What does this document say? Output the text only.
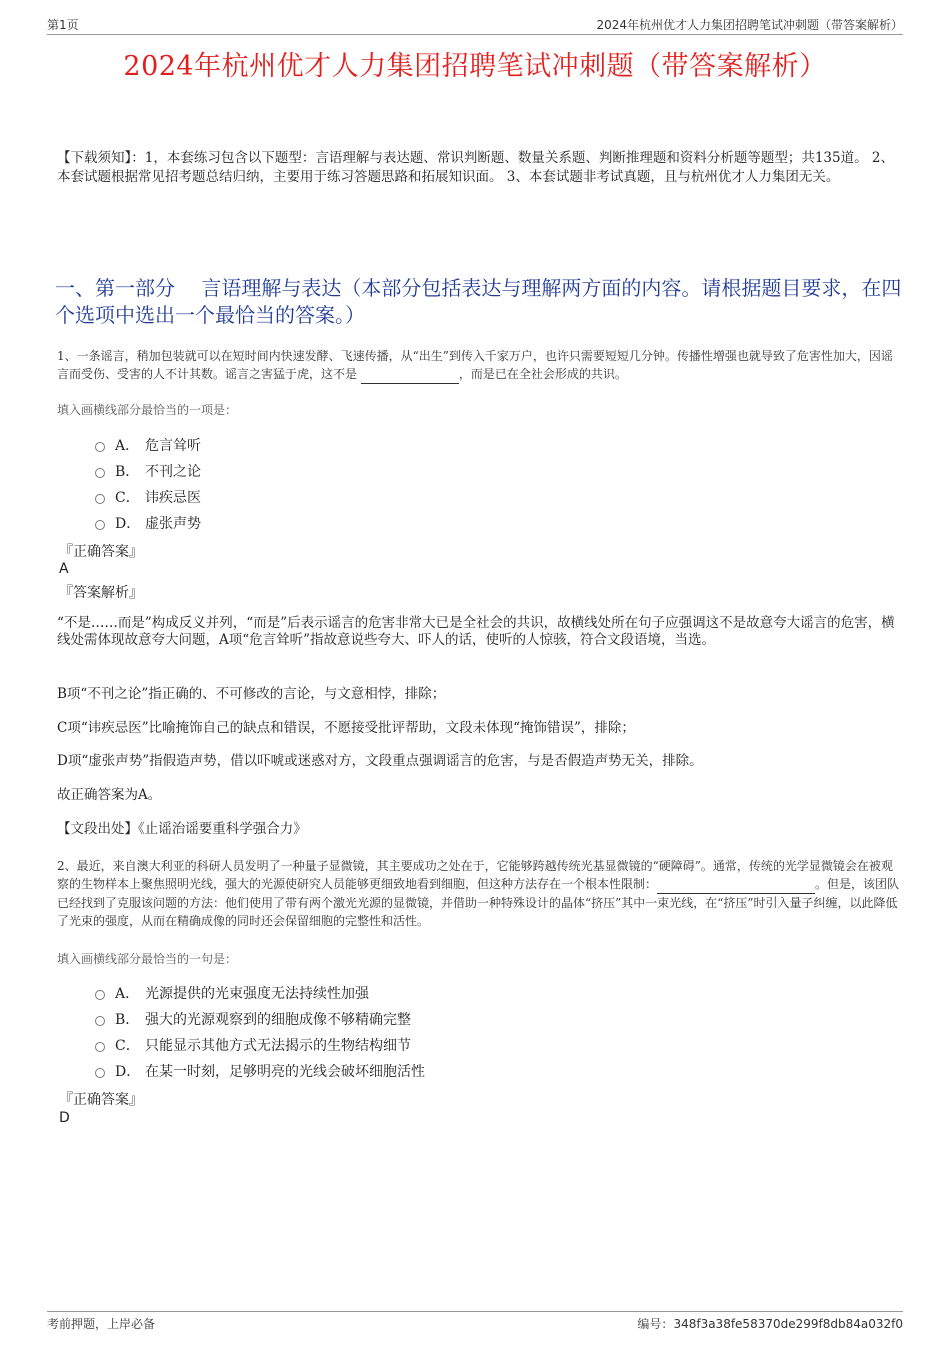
第1页	2024年杭州优才人力集团招聘笔试冲刺题（带答案解析）
2024年杭州优才人力集团招聘笔试冲刺题（带答案解析）
【下载须知】：1，本套练习包含以下题型：言语理解与表达题、常识判断题、数量关系题、判断推理题和资料分析题等题型；共135道。 2、本套试题根据常见招考题总结归纳，主要用于练习答题思路和拓展知识面。 3、本套试题非考试真题，且与杭州优才人力集团无关。
一、第一部分　 言语理解与表达（本部分包括表达与理解两方面的内容。请根据题目要求，在四个选项中选出一个最恰当的答案。）
1、一条谣言，稍加包装就可以在短时间内快速发酵、飞速传播，从“出生”到传入千家万户，也许只需要短短几分钟。传播性增强也就导致了危害性加大，因谣言而受伤、受害的人不计其数。谣言之害猛于虎，这不是	，而是已在全社会形成的共识。
填入画横线部分最恰当的一项是：
A． 危言耸听
B． 不刊之论
C． 讳疾忌医
D． 虚张声势
『正确答案』
A
『答案解析』
“不是……而是”构成反义并列，“而是”后表示谣言的危害非常大已是全社会的共识，故横线处所在句子应强调这不是故意夸大谣言的危害，横线处需体现故意夸大问题，A项“危言耸听”指故意说些夸大、吓人的话，使听的人惊骇，符合文段语境，当选。
B项“不刊之论”指正确的、不可修改的言论，与文意相悖，排除；
C项“讳疾忌医”比喻掩饰自己的缺点和错误，不愿接受批评帮助，文段未体现“掩饰错误”，排除；
D项“虚张声势”指假造声势，借以吓唬或迷惑对方，文段重点强调谣言的危害，与是否假造声势无关，排除。
故正确答案为A。
【文段出处】《止谣治谣要重科学强合力》
2、最近，来自澳大利亚的科研人员发明了一种量子显微镜，其主要成功之处在于，它能够跨越传统光基显微镜的“硬障碍”。通常，传统的光学显微镜会在被观察的生物样本上聚焦照明光线，强大的光源使研究人员能够更细致地看到细胞，但这种方法存在一个根本性限制：	。但是，该团队已经找到了克服该问题的方法：他们使用了带有两个激光光源的显微镜，并借助一种特殊设计的晶体“挤压”其中一束光线，在“挤压”时引入量子纠缠，以此降低了光束的强度，从而在精确成像的同时还会保留细胞的完整性和活性。
填入画横线部分最恰当的一句是：
A． 光源提供的光束强度无法持续性加强
B． 强大的光源观察到的细胞成像不够精确完整
C． 只能显示其他方式无法揭示的生物结构细节
D． 在某一时刻，足够明亮的光线会破坏细胞活性
『正确答案』
D
考前押题，上岸必备	编号：348f3a38fe58370de299f8db84a032f0
